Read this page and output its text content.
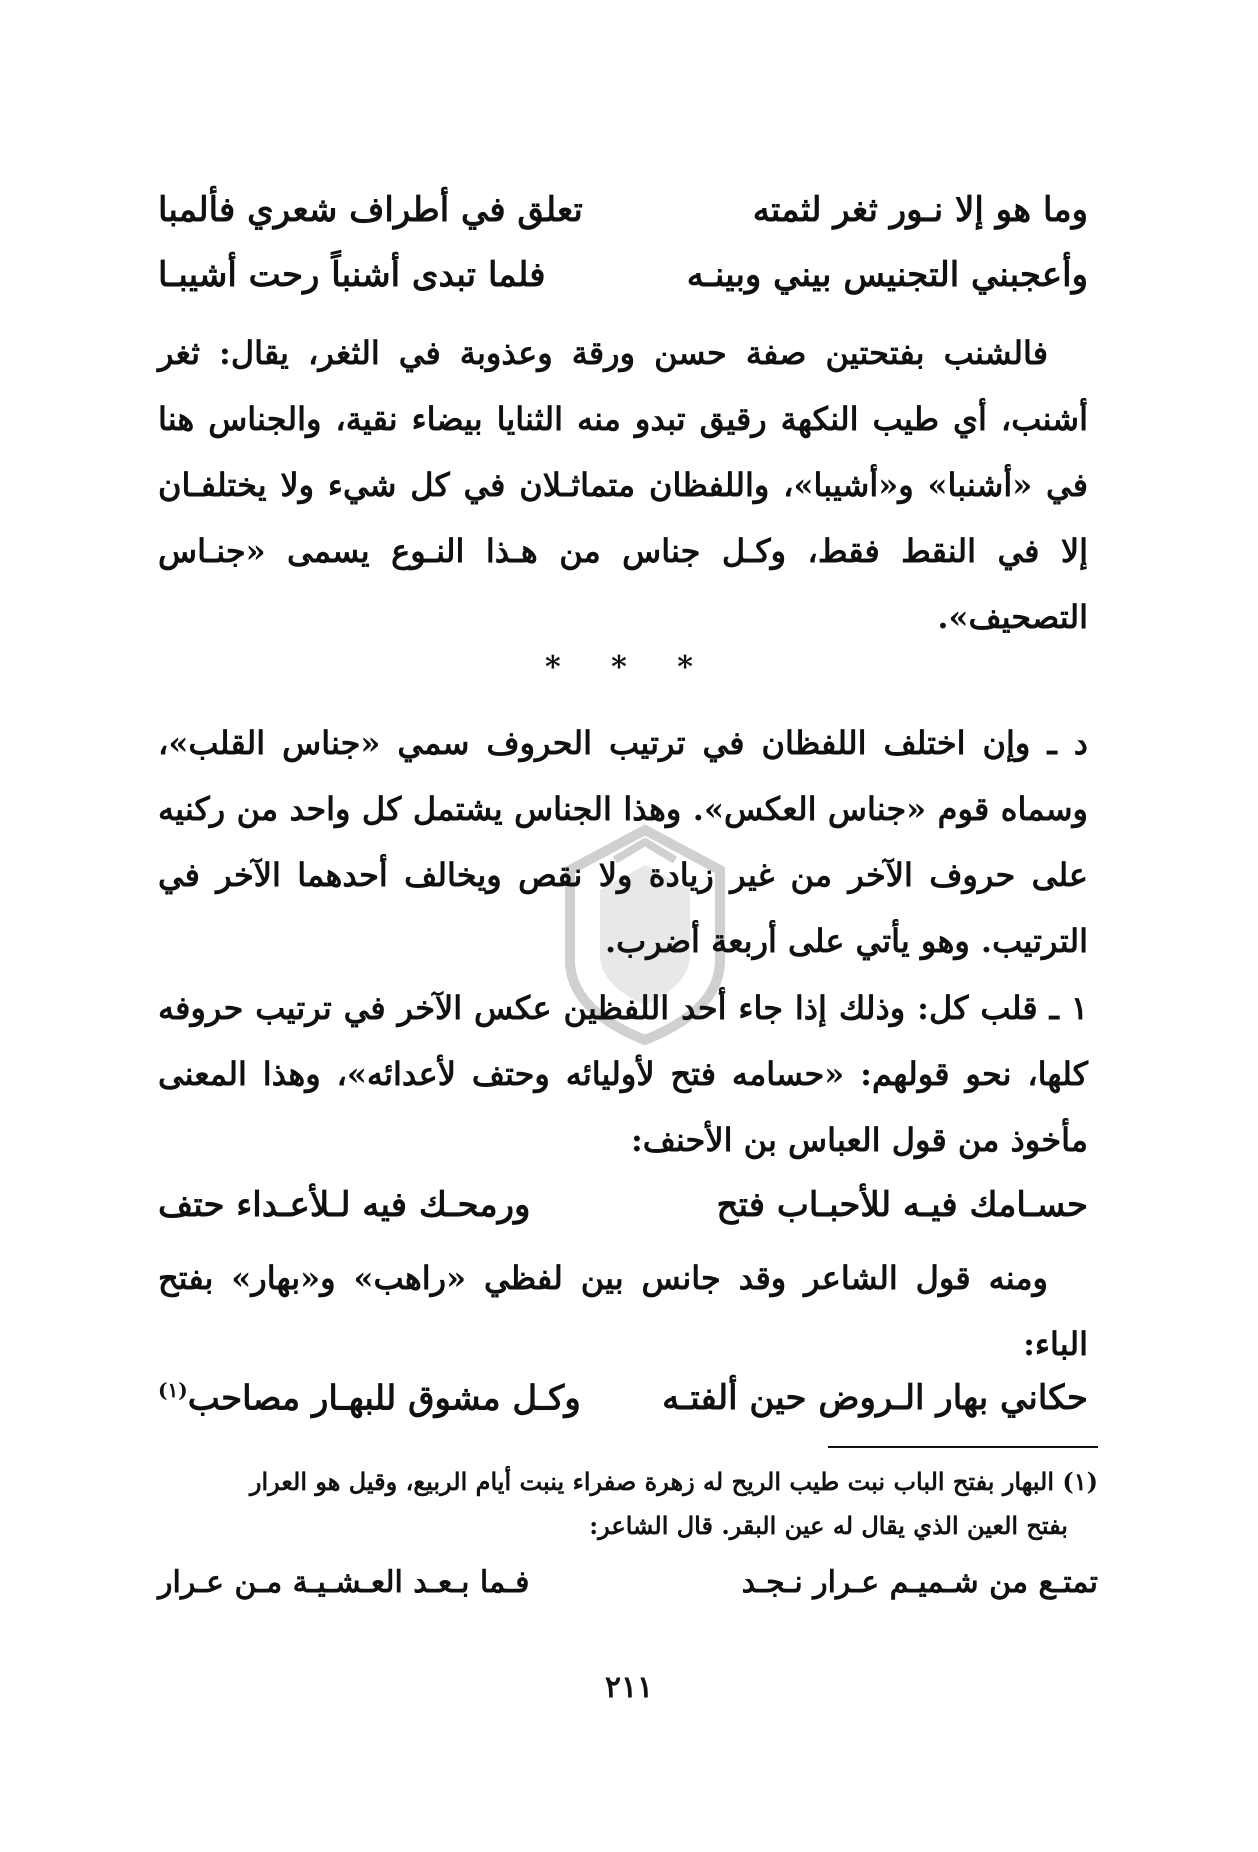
وما هو إلا نـور ثغر لثمته
تعلق في أطراف شعري فألمبا
وأعجبني التجنيس بيني وبينـه
فلما تبدى أشنباً رحت أشيبـا

فالشنب بفتحتين صفة حسن ورقة وعذوبة في الثغر، يقال: ثغر أشنب، أي طيب النكهة رقيق تبدو منه الثنايا بيضاء نقية، والجناس هنا في «أشنبا» و«أشيبا»، واللفظان متماثـلان في كل شيء ولا يختلفـان إلا في النقط فقط، وكـل جناس من هـذا النـوع يسمى «جنـاس التصحيف».

* * *

د ـ وإن اختلف اللفظان في ترتيب الحروف سمي «جناس القلب»، وسماه قوم «جناس العكس». وهذا الجناس يشتمل كل واحد من ركنيه على حروف الآخر من غير زيادة ولا نقص ويخالف أحدهما الآخر في الترتيب. وهو يأتي على أربعة أضرب.

١ ـ قلب كل: وذلك إذا جاء أحد اللفظين عكس الآخر في ترتيب حروفه كلها، نحو قولهم: «حسامه فتح لأوليائه وحتف لأعدائه»، وهذا المعنى مأخوذ من قول العباس بن الأحنف:

حسـامك فيـه للأحبـاب فتح
ورمحـك فيه لـلأعـداء حتف

ومنه قول الشاعر وقد جانس بين لفظي «راهب» و«بهار» بفتح الباء:

حكاني بهار الـروض حين ألفتـه
وكـل مشوق للبهـار مصاحب$^{(١)}$

(١) البهار بفتح الباب نبت طيب الريح له زهرة صفراء ينبت أيام الربيع، وقيل هو العرار

بفتح العين الذي يقال له عين البقر. قال الشاعر:

تمتـع من شـميـم عـرار نـجـد
فـما بـعـد العـشـيـة مـن عـرار
٢١١
